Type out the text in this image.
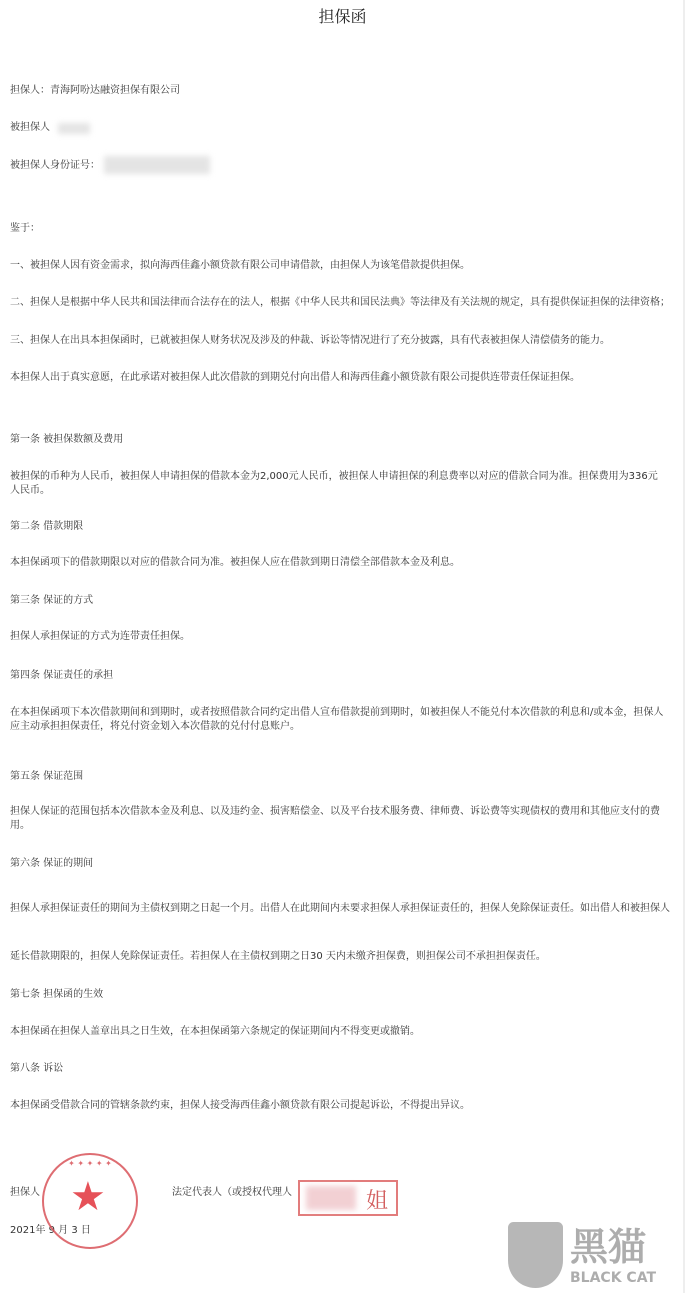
担保函
担保人：青海阿吩达融资担保有限公司
被担保人
被担保人身份证号：
鉴于：
一、被担保人因有资金需求，拟向海西佳鑫小额贷款有限公司申请借款，由担保人为该笔借款提供担保。
二、担保人是根据中华人民共和国法律而合法存在的法人，根据《中华人民共和国民法典》等法律及有关法规的规定，具有提供保证担保的法律资格；
三、担保人在出具本担保函时，已就被担保人财务状况及涉及的仲裁、诉讼等情况进行了充分披露，具有代表被担保人清偿债务的能力。
本担保人出于真实意愿，在此承诺对被担保人此次借款的到期兑付向出借人和海西佳鑫小额贷款有限公司提供连带责任保证担保。
第一条 被担保数额及费用
被担保的币种为人民币，被担保人申请担保的借款本金为2,000元人民币，被担保人申请担保的利息费率以对应的借款合同为准。担保费用为336元人民币。
第二条 借款期限
本担保函项下的借款期限以对应的借款合同为准。被担保人应在借款到期日清偿全部借款本金及利息。
第三条 保证的方式
担保人承担保证的方式为连带责任担保。
第四条 保证责任的承担
在本担保函项下本次借款期间和到期时，或者按照借款合同约定出借人宣布借款提前到期时，如被担保人不能兑付本次借款的利息和/或本金，担保人应主动承担担保责任，将兑付资金划入本次借款的兑付付息账户。
第五条 保证范围
担保人保证的范围包括本次借款本金及利息、以及违约金、损害赔偿金、以及平台技术服务费、律师费、诉讼费等实现债权的费用和其他应支付的费用。
第六条 保证的期间
担保人承担保证责任的期间为主债权到期之日起一个月。出借人在此期间内未要求担保人承担保证责任的，担保人免除保证责任。如出借人和被担保人
延长借款期限的，担保人免除保证责任。若担保人在主债权到期之日30 天内未缴齐担保费，则担保公司不承担担保责任。
第七条 担保函的生效
本担保函在担保人盖章出具之日生效，在本担保函第六条规定的保证期间内不得变更或撤销。
第八条 诉讼
本担保函受借款合同的管辖条款约束，担保人接受海西佳鑫小额贷款有限公司提起诉讼，不得提出异议。
担保人	法定代表人（或授权代理人
2021年 9 月 3 日
✦ ✦ ✦ ✦ ✦
★	姐
黑猫
BLACK CAT
